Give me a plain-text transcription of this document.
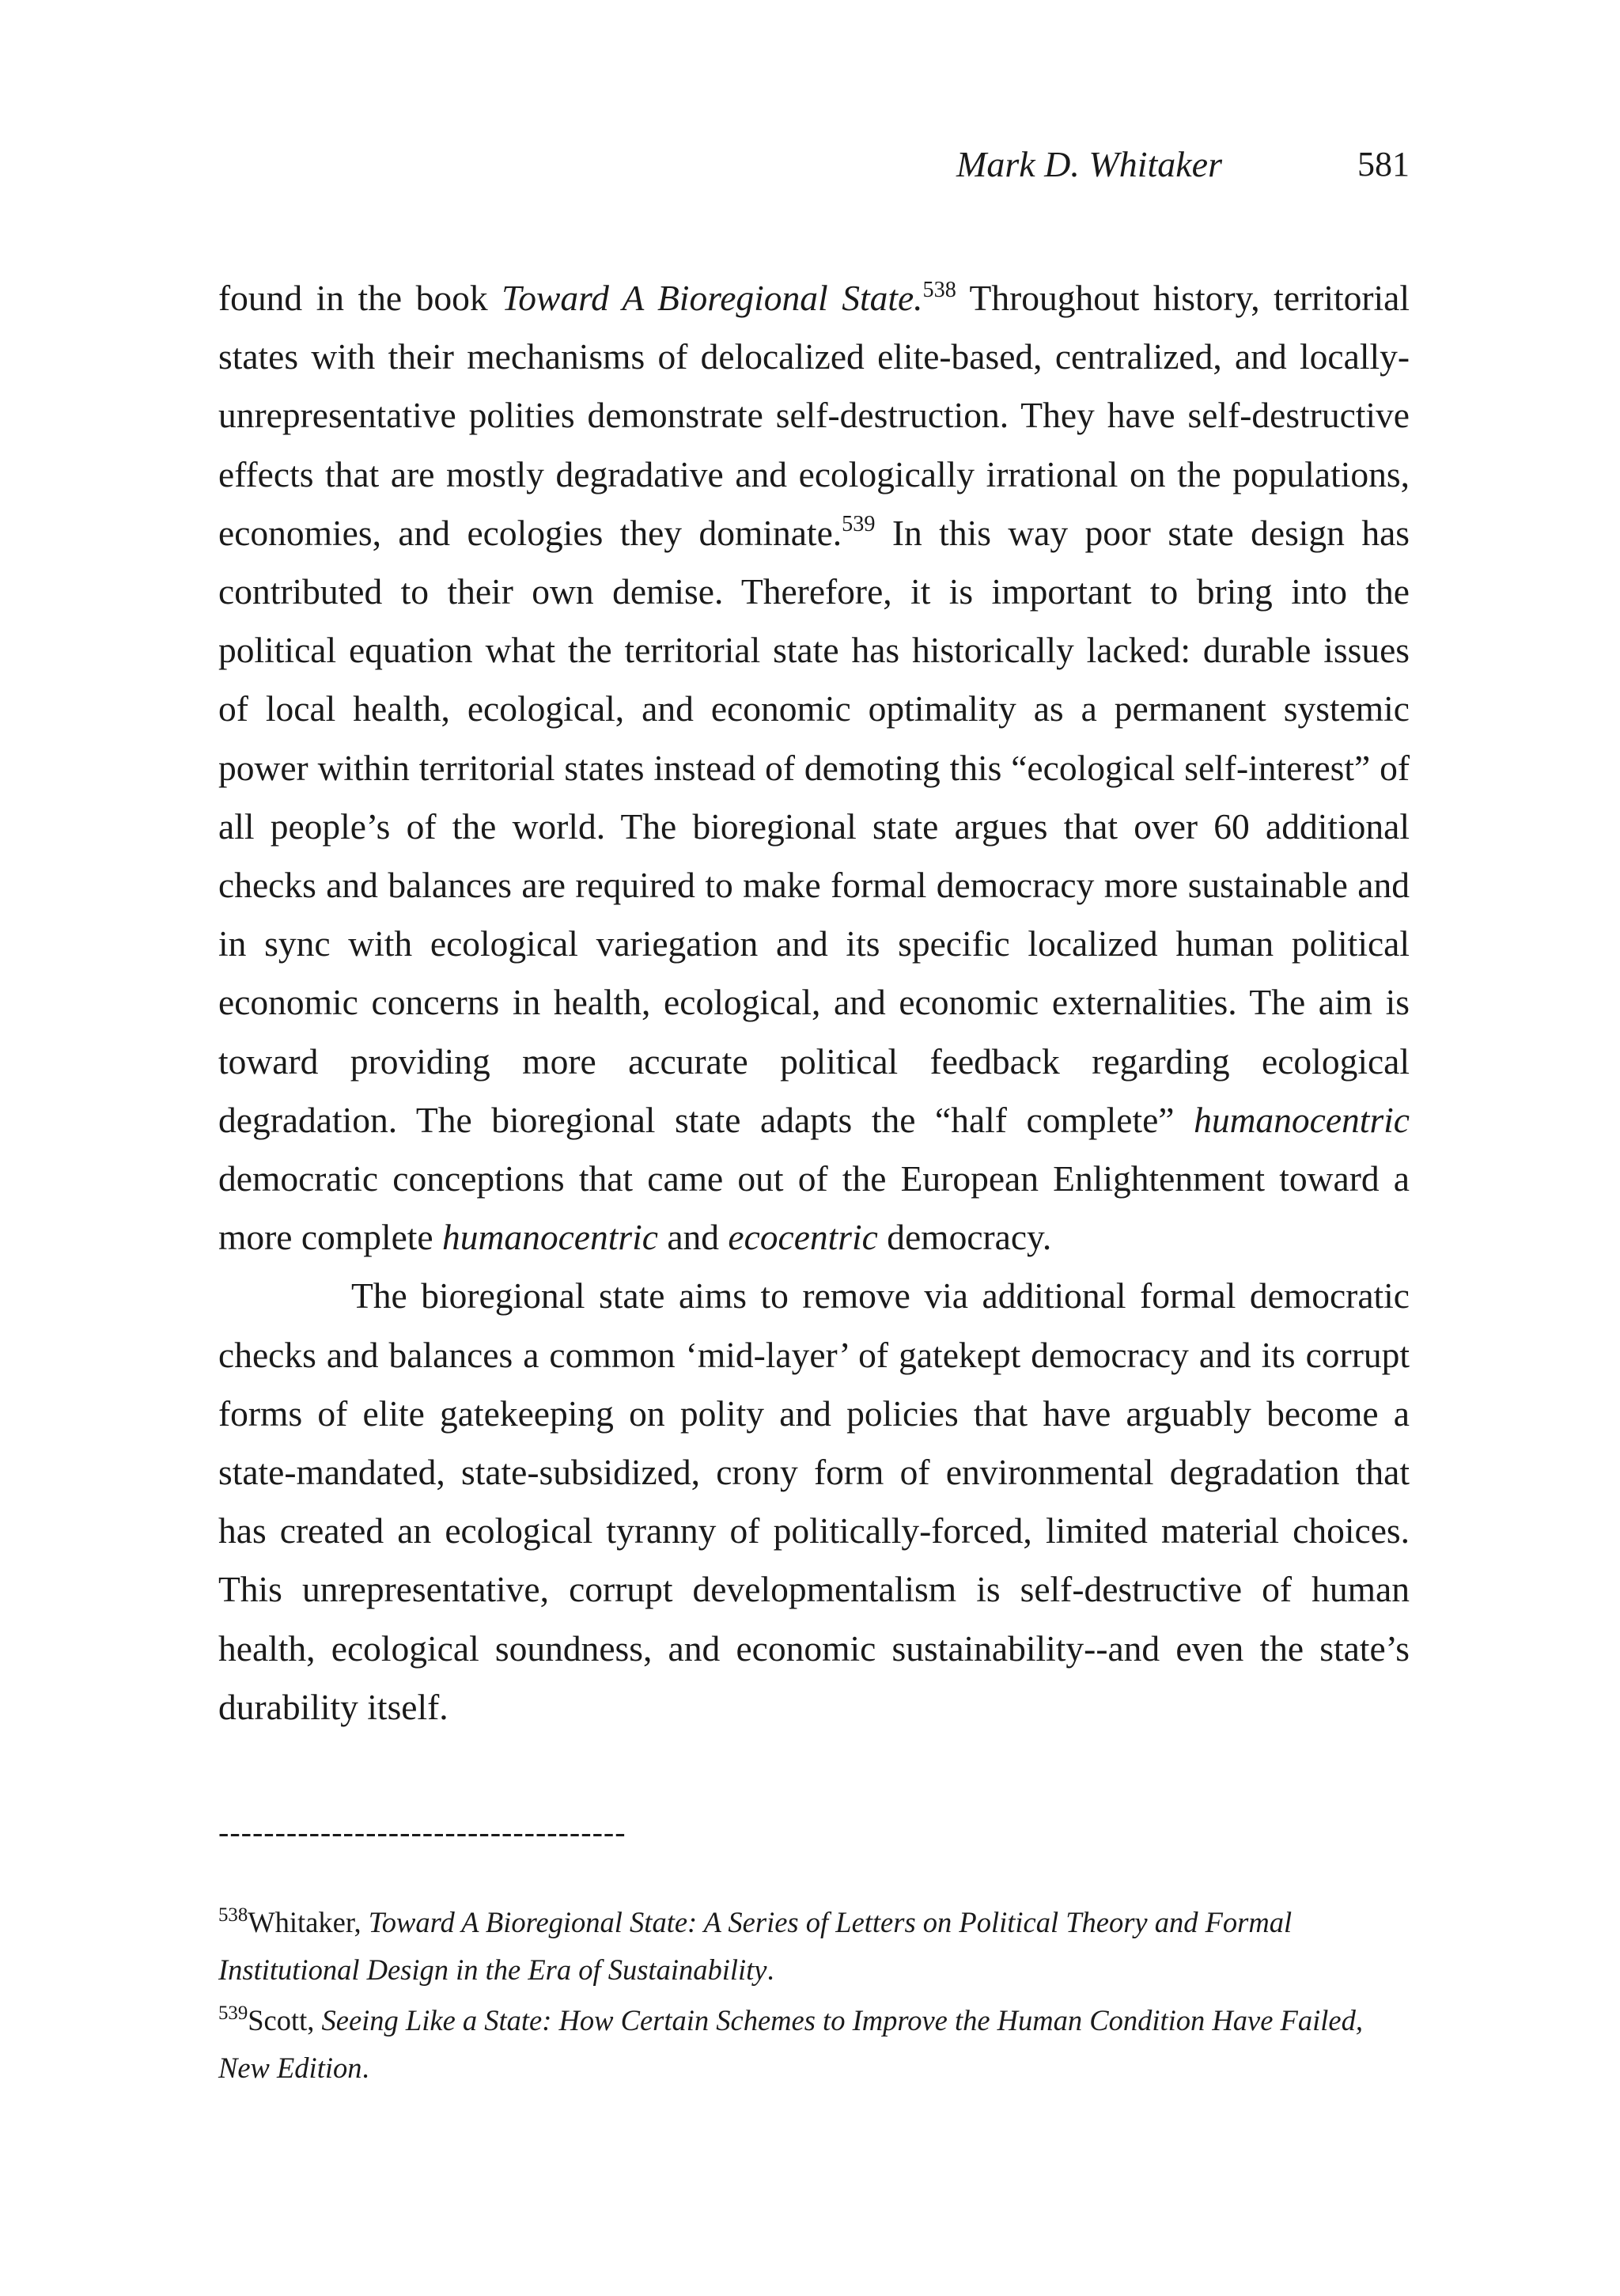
Mark D. Whitaker	581

found in the book Toward A Bioregional State.$^{538}$ Throughout history, territorial states with their mechanisms of delocalized elite-based, centralized, and locally-unrepresentative polities demonstrate self-destruction. They have self-destructive effects that are mostly degradative and ecologically irrational on the populations, economies, and ecologies they dominate.$^{539}$ In this way poor state design has contributed to their own demise. Therefore, it is important to bring into the political equation what the territorial state has historically lacked: durable issues of local health, ecological, and economic optimality as a permanent systemic power within territorial states instead of demoting this “ecological self-interest” of all people’s of the world. The bioregional state argues that over 60 additional checks and balances are required to make formal democracy more sustainable and in sync with ecological variegation and its specific localized human political economic concerns in health, ecological, and economic externalities. The aim is toward providing more accurate political feedback regarding ecological degradation. The bioregional state adapts the “half complete” humanocentric democratic conceptions that came out of the European Enlightenment toward a more complete humanocentric and ecocentric democracy.

The bioregional state aims to remove via additional formal democratic checks and balances a common ‘mid-layer’ of gatekept democracy and its corrupt forms of elite gatekeeping on polity and policies that have arguably become a state-mandated, state-subsidized, crony form of environmental degradation that has created an ecological tyranny of politically-forced, limited material choices. This unrepresentative, corrupt developmentalism is self-destructive of human health, ecological soundness, and economic sustainability--and even the state’s durability itself.

------------------------------------

$^{538}$Whitaker, Toward A Bioregional State: A Series of Letters on Political Theory and Formal Institutional Design in the Era of Sustainability.

$^{539}$Scott, Seeing Like a State: How Certain Schemes to Improve the Human Condition Have Failed, New Edition.
